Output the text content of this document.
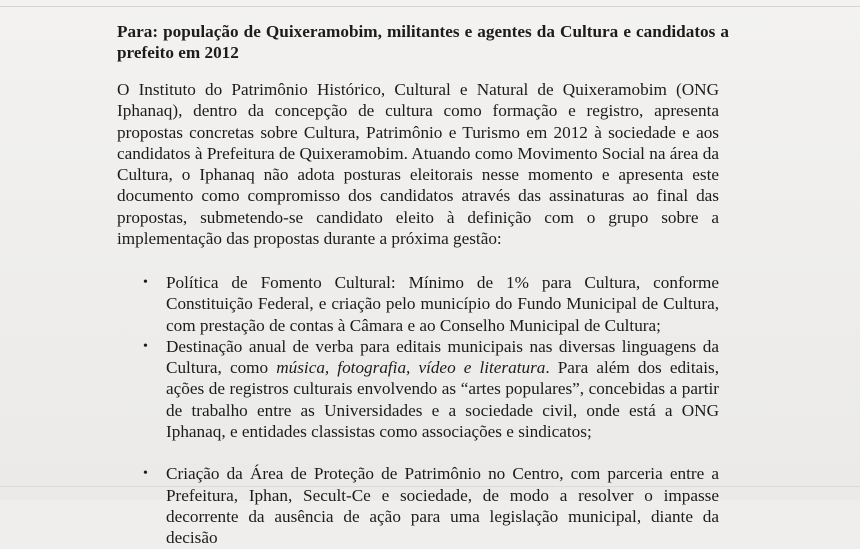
Para: população de Quixeramobim, militantes e agentes da Cultura e candidatos a prefeito em 2012
O Instituto do Patrimônio Histórico, Cultural e Natural de Quixeramobim (ONG Iphanaq), dentro da concepção de cultura como formação e registro, apresenta propostas concretas sobre Cultura, Patrimônio e Turismo em 2012 à sociedade e aos candidatos à Prefeitura de Quixeramobim. Atuando como Movimento Social na área da Cultura, o Iphanaq não adota posturas eleitorais nesse momento e apresenta este documento como compromisso dos candidatos através das assinaturas ao final das propostas, submetendo-se candidato eleito à definição com o grupo sobre a implementação das propostas durante a próxima gestão:
• Política de Fomento Cultural: Mínimo de 1% para Cultura, conforme Constituição Federal, e criação pelo município do Fundo Municipal de Cultura, com prestação de contas à Câmara e ao Conselho Municipal de Cultura;
• Destinação anual de verba para editais municipais nas diversas linguagens da Cultura, como música, fotografia, vídeo e literatura. Para além dos editais, ações de registros culturais envolvendo as “artes populares”, concebidas a partir de trabalho entre as Universidades e a sociedade civil, onde está a ONG Iphanaq, e entidades classistas como associações e sindicatos;
• Criação da Área de Proteção de Patrimônio no Centro, com parceria entre a Prefeitura, Iphan, Secult-Ce e sociedade, de modo a resolver o impasse decorrente da ausência de ação para uma legislação municipal, diante da decisão
